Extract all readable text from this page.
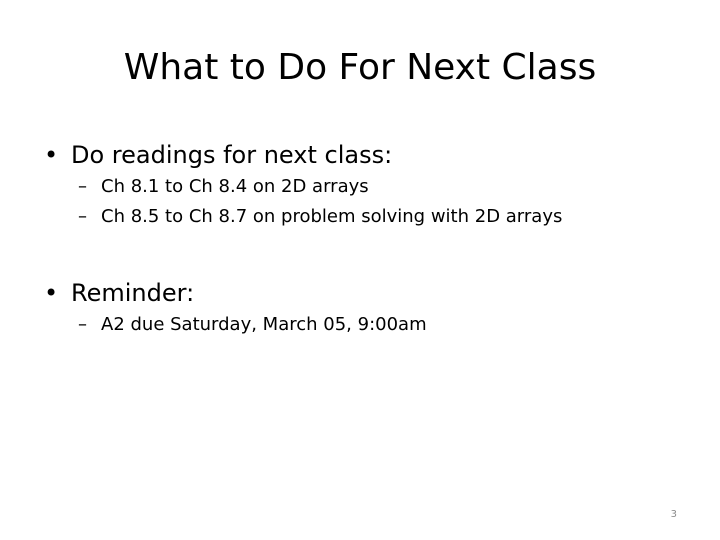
What to Do For Next Class
• Do readings for next class:
– Ch 8.1 to Ch 8.4 on 2D arrays
– Ch 8.5 to Ch 8.7 on problem solving with 2D arrays
• Reminder:
– A2 due Saturday, March 05, 9:00am
3
